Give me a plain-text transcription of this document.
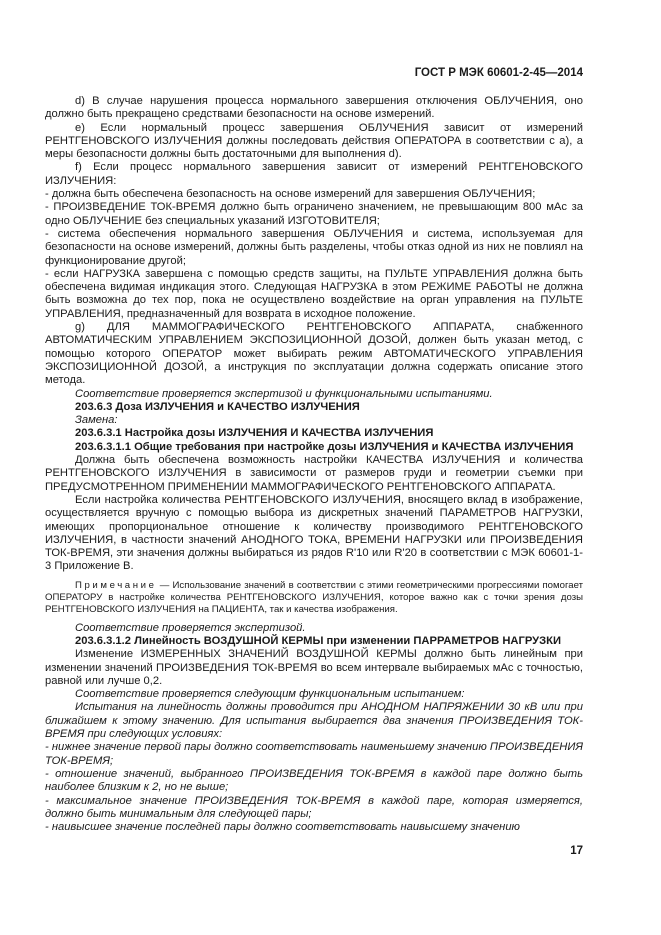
ГОСТ Р МЭК 60601-2-45—2014

d) В случае нарушения процесса нормального завершения отключения ОБЛУЧЕНИЯ, оно должно быть прекращено средствами безопасности на основе измерений.

e) Если нормальный процесс завершения ОБЛУЧЕНИЯ зависит от измерений РЕНТГЕНОВСКОГО ИЗЛУЧЕНИЯ должны последовать действия ОПЕРАТОРА в соответствии с а), а меры безопасности должны быть достаточными для выполнения d).

f) Если процесс нормального завершения зависит от измерений РЕНТГЕНОВСКОГО ИЗЛУЧЕНИЯ:

- должна быть обеспечена безопасность на основе измерений для завершения ОБЛУЧЕНИЯ;

- ПРОИЗВЕДЕНИЕ ТОК-ВРЕМЯ должно быть ограничено значением, не превышающим 800 мАс за одно ОБЛУЧЕНИЕ без специальных указаний ИЗГОТОВИТЕЛЯ;

- система обеспечения нормального завершения ОБЛУЧЕНИЯ и система, используемая для безопасности на основе измерений, должны быть разделены, чтобы отказ одной из них не повлиял на функционирование другой;

- если НАГРУЗКА завершена с помощью средств защиты, на ПУЛЬТЕ УПРАВЛЕНИЯ должна быть обеспечена видимая индикация этого. Следующая НАГРУЗКА в этом РЕЖИМЕ РАБОТЫ не должна быть возможна до тех пор, пока не осуществлено воздействие на орган управления на ПУЛЬТЕ УПРАВЛЕНИЯ, предназначенный для возврата в исходное положение.

g) ДЛЯ МАММОГРАФИЧЕСКОГО РЕНТГЕНОВСКОГО АППАРАТА, снабженного АВТОМАТИЧЕСКИМ УПРАВЛЕНИЕМ ЭКСПОЗИЦИОННОЙ ДОЗОЙ, должен быть указан метод, с помощью которого ОПЕРАТОР может выбирать режим АВТОМАТИЧЕСКОГО УПРАВЛЕНИЯ ЭКСПОЗИЦИОННОЙ ДОЗОЙ, а инструкция по эксплуатации должна содержать описание этого метода.

Соответствие проверяется экспертизой и функциональными испытаниями.

203.6.3 Доза ИЗЛУЧЕНИЯ и КАЧЕСТВО ИЗЛУЧЕНИЯ

Замена:

203.6.3.1 Настройка дозы ИЗЛУЧЕНИЯ И КАЧЕСТВА ИЗЛУЧЕНИЯ

203.6.3.1.1 Общие требования при настройке дозы ИЗЛУЧЕНИЯ и КАЧЕСТВА ИЗЛУЧЕНИЯ

Должна быть обеспечена возможность настройки КАЧЕСТВА ИЗЛУЧЕНИЯ и количества РЕНТГЕНОВСКОГО ИЗЛУЧЕНИЯ в зависимости от размеров груди и геометрии съемки при ПРЕДУСМОТРЕННОМ ПРИМЕНЕНИИ МАММОГРАФИЧЕСКОГО РЕНТГЕНОВСКОГО АППАРАТА.

Если настройка количества РЕНТГЕНОВСКОГО ИЗЛУЧЕНИЯ, вносящего вклад в изображение, осуществляется вручную с помощью выбора из дискретных значений ПАРАМЕТРОВ НАГРУЗКИ, имеющих пропорциональное отношение к количеству производимого РЕНТГЕНОВСКОГО ИЗЛУЧЕНИЯ, в частности значений АНОДНОГО ТОКА, ВРЕМЕНИ НАГРУЗКИ или ПРОИЗВЕДЕНИЯ ТОК-ВРЕМЯ, эти значения должны выбираться из рядов R'10 или R'20 в соответствии с МЭК 60601-1-3 Приложение В.

Примечание — Использование значений в соответствии с этими геометрическими прогрессиями помогает ОПЕРАТОРУ в настройке количества РЕНТГЕНОВСКОГО ИЗЛУЧЕНИЯ, которое важно как с точки зрения дозы РЕНТГЕНОВСКОГО ИЗЛУЧЕНИЯ на ПАЦИЕНТА, так и качества изображения.

Соответствие проверяется экспертизой.

203.6.3.1.2 Линейность ВОЗДУШНОЙ КЕРМЫ при изменении ПАРРАМЕТРОВ НАГРУЗКИ

Изменение ИЗМЕРЕННЫХ ЗНАЧЕНИЙ ВОЗДУШНОЙ КЕРМЫ должно быть линейным при изменении значений ПРОИЗВЕДЕНИЯ ТОК-ВРЕМЯ во всем интервале выбираемых мАс с точностью, равной или лучше 0,2.

Соответствие проверяется следующим функциональным испытанием:

Испытания на линейность должны проводится при АНОДНОМ НАПРЯЖЕНИИ 30 кВ или при ближайшем к этому значению. Для испытания выбирается два значения ПРОИЗВЕДЕНИЯ ТОК-ВРЕМЯ при следующих условиях:

- нижнее значение первой пары должно соответствовать наименьшему значению ПРОИЗВЕДЕНИЯ ТОК-ВРЕМЯ;

- отношение значений, выбранного ПРОИЗВЕДЕНИЯ ТОК-ВРЕМЯ в каждой паре должно быть наиболее близким к 2, но не выше;

- максимальное значение ПРОИЗВЕДЕНИЯ ТОК-ВРЕМЯ в каждой паре, которая измеряется, должно быть минимальным для следующей пары;

- наивысшее значение последней пары должно соответствовать наивысшему значению

17
